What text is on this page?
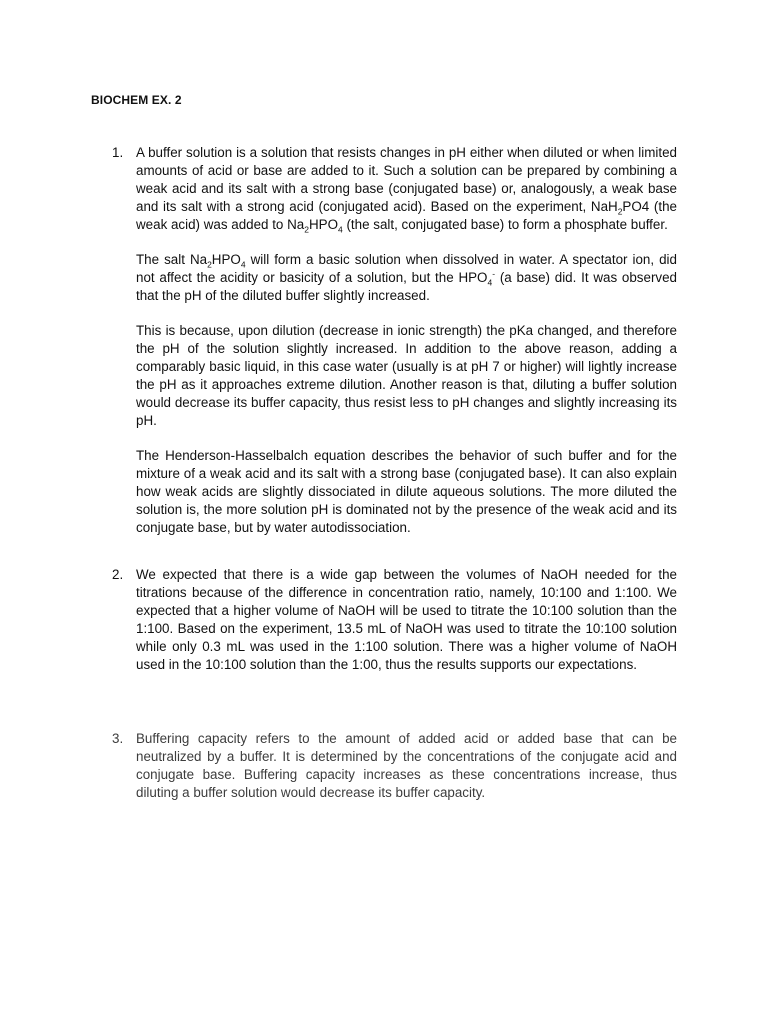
BIOCHEM EX. 2
1. A buffer solution is a solution that resists changes in pH either when diluted or when limited amounts of acid or base are added to it. Such a solution can be prepared by combining a weak acid and its salt with a strong base (conjugated base) or, analogously, a weak base and its salt with a strong acid (conjugated acid). Based on the experiment, NaH$_2$PO4 (the weak acid) was added to $Na_2HPO_4$ (the salt, conjugated base) to form a phosphate buffer.

The salt $Na_2HPO_4$ will form a basic solution when dissolved in water. A spectator ion, did not affect the acidity or basicity of a solution, but the $HPO_4^-$ (a base) did. It was observed that the pH of the diluted buffer slightly increased.

This is because, upon dilution (decrease in ionic strength) the pKa changed, and therefore the pH of the solution slightly increased. In addition to the above reason, adding a comparably basic liquid, in this case water (usually is at pH 7 or higher) will lightly increase the pH as it approaches extreme dilution. Another reason is that, diluting a buffer solution would decrease its buffer capacity, thus resist less to pH changes and slightly increasing its pH.

The Henderson-Hasselbalch equation describes the behavior of such buffer and for the mixture of a weak acid and its salt with a strong base (conjugated base). It can also explain how weak acids are slightly dissociated in dilute aqueous solutions. The more diluted the solution is, the more solution pH is dominated not by the presence of the weak acid and its conjugate base, but by water autodissociation.

2. We expected that there is a wide gap between the volumes of NaOH needed for the titrations because of the difference in concentration ratio, namely, 10:100 and 1:100. We expected that a higher volume of NaOH will be used to titrate the 10:100 solution than the 1:100. Based on the experiment, 13.5 mL of NaOH was used to titrate the 10:100 solution while only 0.3 mL was used in the 1:100 solution. There was a higher volume of NaOH used in the 10:100 solution than the 1:00, thus the results supports our expectations.

3. Buffering capacity refers to the amount of added acid or added base that can be neutralized by a buffer. It is determined by the concentrations of the conjugate acid and conjugate base. Buffering capacity increases as these concentrations increase, thus diluting a buffer solution would decrease its buffer capacity.
